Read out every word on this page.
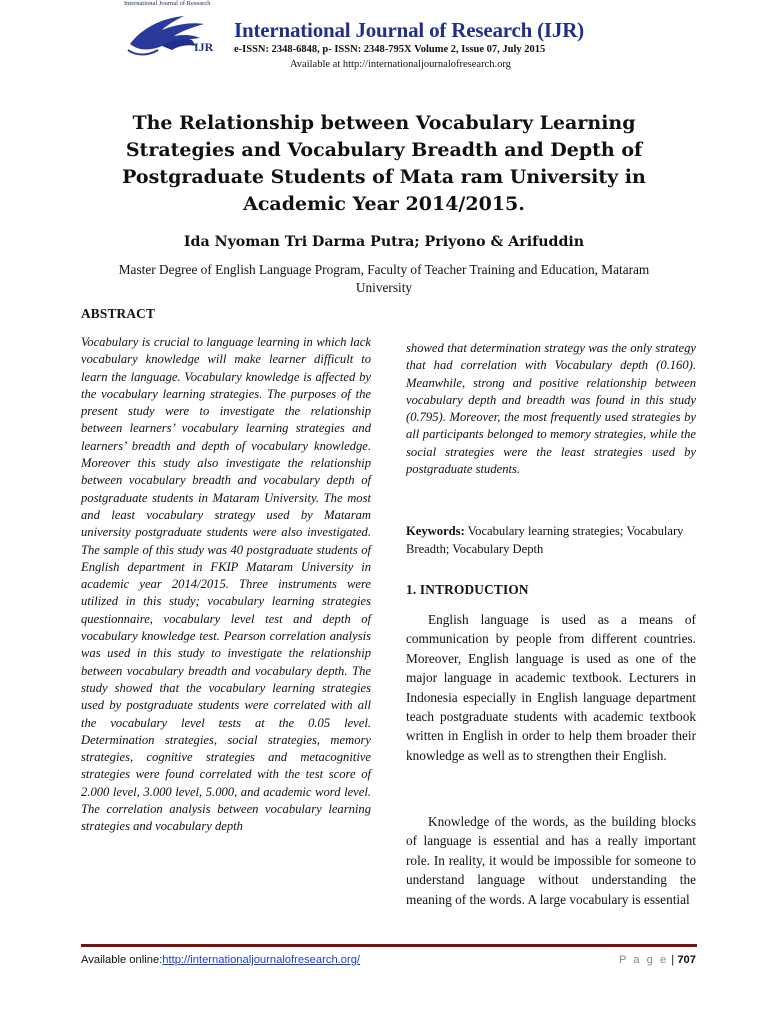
International Journal of Research
IJR
International Journal of Research (IJR)
e-ISSN: 2348-6848, p- ISSN: 2348-795X Volume 2, Issue 07, July 2015
Available at http://internationaljournalofresearch.org
The Relationship between Vocabulary Learning Strategies and Vocabulary Breadth and Depth of Postgraduate Students of Mata ram University in Academic Year 2014/2015.
Ida Nyoman Tri Darma Putra; Priyono & Arifuddin
Master Degree of English Language Program, Faculty of Teacher Training and Education, Mataram University
ABSTRACT
Vocabulary is crucial to language learning in which lack vocabulary knowledge will make learner difficult to learn the language. Vocabulary knowledge is affected by the vocabulary learning strategies. The purposes of the present study were to investigate the relationship between learners’ vocabulary learning strategies and learners’ breadth and depth of vocabulary knowledge. Moreover this study also investigate the relationship between vocabulary breadth and vocabulary depth of postgraduate students in Mataram University. The most and least vocabulary strategy used by Mataram university postgraduate students were also investigated. The sample of this study was 40 postgraduate students of English department in FKIP Mataram University in academic year 2014/2015. Three instruments were utilized in this study; vocabulary learning strategies questionnaire, vocabulary level test and depth of vocabulary knowledge test. Pearson correlation analysis was used in this study to investigate the relationship between vocabulary breadth and vocabulary depth. The study showed that the vocabulary learning strategies used by postgraduate students were correlated with all the vocabulary level tests at the 0.05 level. Determination strategies, social strategies, memory strategies, cognitive strategies and metacognitive strategies were found correlated with the test score of 2.000 level, 3.000 level, 5.000, and academic word level. The correlation analysis between vocabulary learning strategies and vocabulary depth
showed that determination strategy was the only strategy that had correlation with Vocabulary depth (0.160). Meanwhile, strong and positive relationship between vocabulary depth and breadth was found in this study (0.795). Moreover, the most frequently used strategies by all participants belonged to memory strategies, while the social strategies were the least strategies used by postgraduate students.
Keywords: Vocabulary learning strategies; Vocabulary Breadth; Vocabulary Depth
1. INTRODUCTION
English language is used as a means of communication by people from different countries. Moreover, English language is used as one of the major language in academic textbook. Lecturers in Indonesia especially in English language department teach postgraduate students with academic textbook written in English in order to help them broader their knowledge as well as to strengthen their English.
Knowledge of the words, as the building blocks of language is essential and has a really important role. In reality, it would be impossible for someone to understand language without understanding the meaning of the words. A large vocabulary is essential
Available online:http://internationaljournalofresearch.org/	P a g e | 707
